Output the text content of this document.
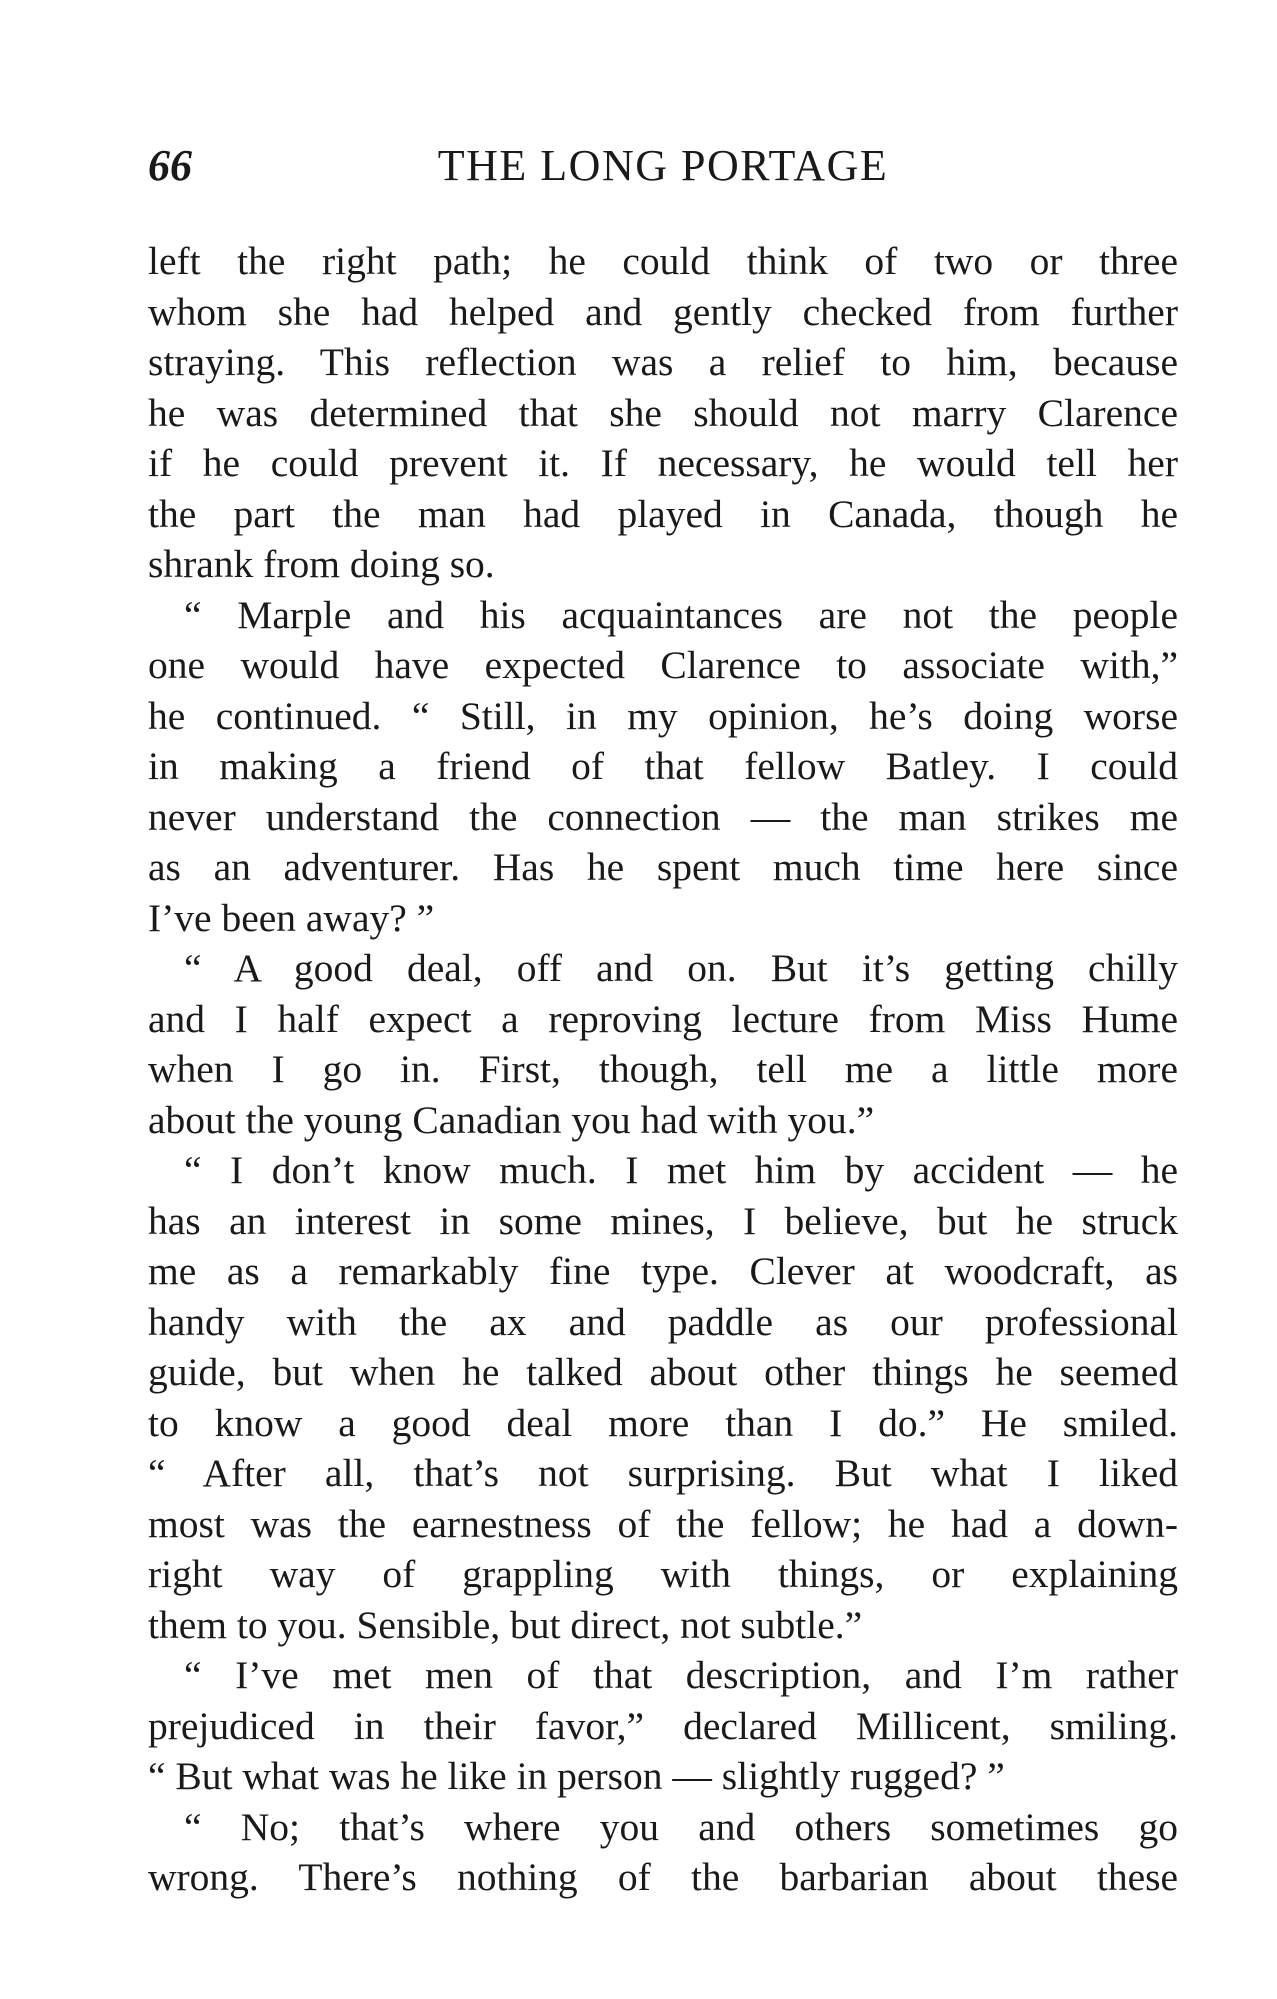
66	THE LONG PORTAGE
left the right path; he could think of two or three
whom she had helped and gently checked from further
straying. This reflection was a relief to him, because
he was determined that she should not marry Clarence
if he could prevent it. If necessary, he would tell her
the part the man had played in Canada, though he
shrank from doing so.
“ Marple and his acquaintances are not the people
one would have expected Clarence to associate with,”
he continued. “ Still, in my opinion, he’s doing worse
in making a friend of that fellow Batley. I could
never understand the connection — the man strikes me
as an adventurer. Has he spent much time here since
I’ve been away? ”
“ A good deal, off and on. But it’s getting chilly
and I half expect a reproving lecture from Miss Hume
when I go in. First, though, tell me a little more
about the young Canadian you had with you.”
“ I don’t know much. I met him by accident — he
has an interest in some mines, I believe, but he struck
me as a remarkably fine type. Clever at woodcraft, as
handy with the ax and paddle as our professional
guide, but when he talked about other things he seemed
to know a good deal more than I do.” He smiled.
“ After all, that’s not surprising. But what I liked
most was the earnestness of the fellow; he had a down-
right way of grappling with things, or explaining
them to you. Sensible, but direct, not subtle.”
“ I’ve met men of that description, and I’m rather
prejudiced in their favor,” declared Millicent, smiling.
“ But what was he like in person — slightly rugged? ”
“ No; that’s where you and others sometimes go
wrong. There’s nothing of the barbarian about these
